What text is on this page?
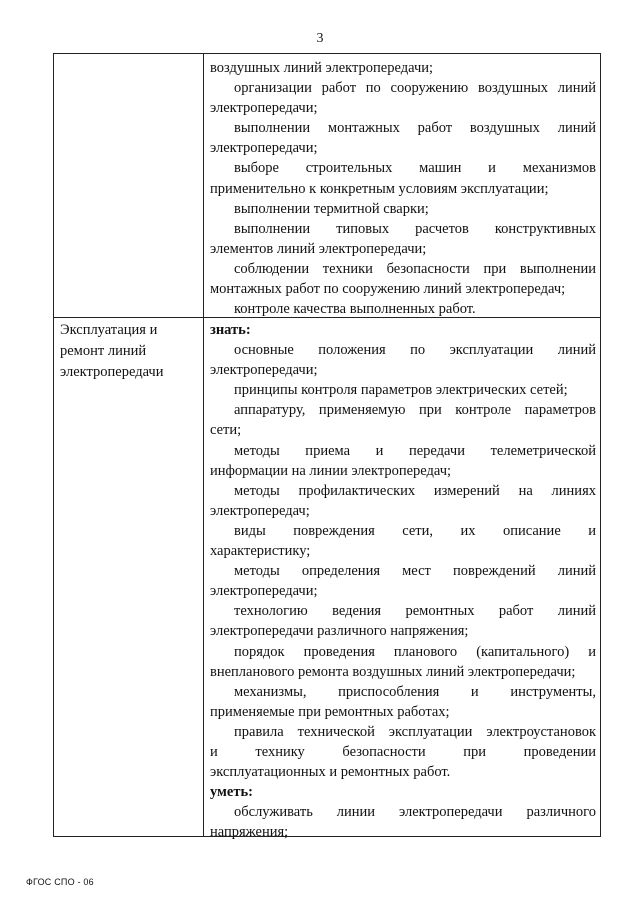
3
воздушных линий электропередачи;
организации работ по сооружению воздушных линий
электропередачи;
выполнении монтажных работ воздушных линий
электропередачи;
выборе строительных машин и механизмов
применительно к конкретным условиям эксплуатации;
выполнении термитной сварки;
выполнении типовых расчетов конструктивных
элементов линий электропередачи;
соблюдении техники безопасности при выполнении
монтажных работ по сооружению линий электропередач;
контроле качества выполненных работ.
Эксплуатация и
ремонт линий
электропередачи
знать:
основные положения по эксплуатации линий
электропередачи;
принципы контроля параметров электрических сетей;
аппаратуру, применяемую при контроле параметров
сети;
методы приема и передачи телеметрической
информации на линии электропередач;
методы профилактических измерений на линиях
электропередач;
виды повреждения сети, их описание и
характеристику;
методы определения мест повреждений линий
электропередачи;
технологию ведения ремонтных работ линий
электропередачи различного напряжения;
порядок проведения планового (капитального) и
внепланового ремонта воздушных линий электропередачи;
механизмы, приспособления и инструменты,
применяемые при ремонтных работах;
правила технической эксплуатации электроустановок
и технику безопасности при проведении
эксплуатационных и ремонтных работ.
уметь:
обслуживать линии электропередачи различного
напряжения;
ФГОС СПО - 06
